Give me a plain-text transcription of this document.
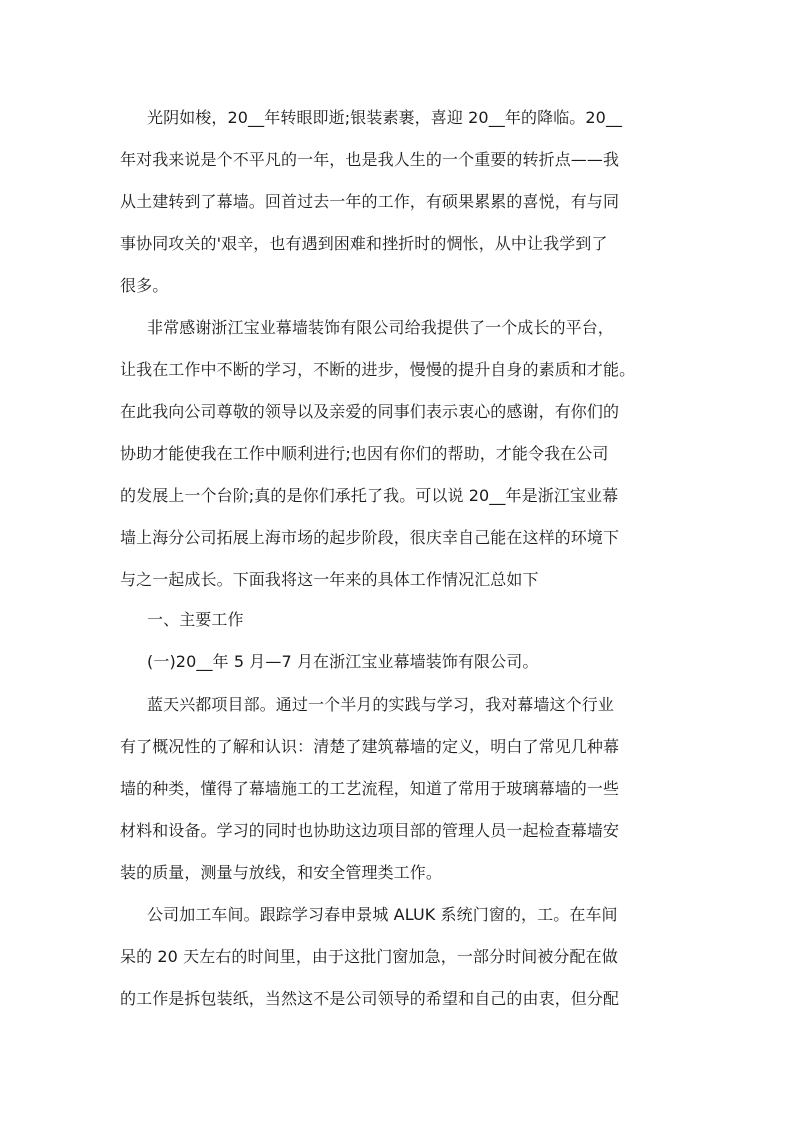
光阴如梭，20__年转眼即逝;银装素裹，喜迎 20__年的降临。20__
年对我来说是个不平凡的一年，也是我人生的一个重要的转折点——我
从土建转到了幕墙。回首过去一年的工作，有硕果累累的喜悦，有与同
事协同攻关的'艰辛，也有遇到困难和挫折时的惆怅，从中让我学到了
很多。
非常感谢浙江宝业幕墙装饰有限公司给我提供了一个成长的平台，
让我在工作中不断的学习，不断的进步，慢慢的提升自身的素质和才能。
在此我向公司尊敬的领导以及亲爱的同事们表示衷心的感谢，有你们的
协助才能使我在工作中顺利进行;也因有你们的帮助，才能令我在公司
的发展上一个台阶;真的是你们承托了我。可以说 20__年是浙江宝业幕
墙上海分公司拓展上海市场的起步阶段，很庆幸自己能在这样的环境下
与之一起成长。下面我将这一年来的具体工作情况汇总如下
一、主要工作
(一)20__年 5 月—7 月在浙江宝业幕墙装饰有限公司。
蓝天兴都项目部。通过一个半月的实践与学习，我对幕墙这个行业
有了概况性的了解和认识：清楚了建筑幕墙的定义，明白了常见几种幕
墙的种类，懂得了幕墙施工的工艺流程，知道了常用于玻璃幕墙的一些
材料和设备。学习的同时也协助这边项目部的管理人员一起检查幕墙安
装的质量，测量与放线，和安全管理类工作。
公司加工车间。跟踪学习春申景城 ALUK 系统门窗的，工。在车间
呆的 20 天左右的时间里，由于这批门窗加急，一部分时间被分配在做
的工作是拆包装纸，当然这不是公司领导的希望和自己的由衷，但分配
